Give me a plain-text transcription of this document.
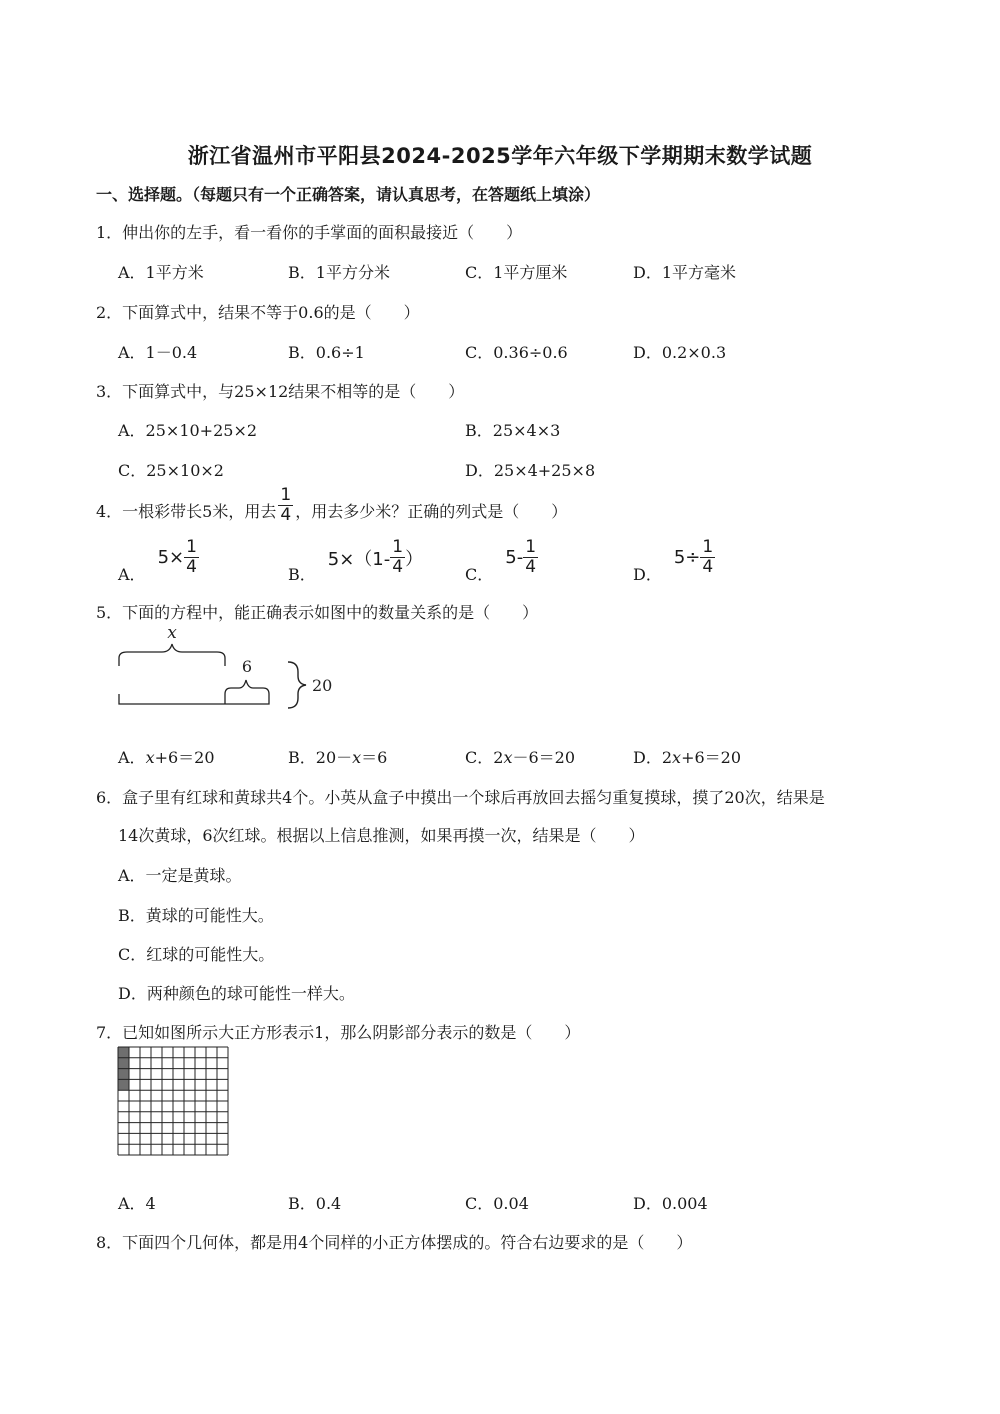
浙江省温州市平阳县2024-2025学年六年级下学期期末数学试题
一、选择题。（每题只有一个正确答案，请认真思考，在答题纸上填涂）
1．伸出你的左手，看一看你的手掌面的面积最接近（　　）
A．1平方米	B．1平方分米	C．1平方厘米	D．1平方毫米
2．下面算式中，结果不等于0.6的是（　　）
A．1－0.4	B．0.6÷1	C．0.36÷0.6	D．0.2×0.3
3．下面算式中，与25×12结果不相等的是（　　）
A．25×10+25×2	B．25×4×3
C．25×10×2	D．25×4+25×8
4．一根彩带长5米，用去 $\frac{1}{4}$ ，用去多少米？正确的列式是（　　）
A．
$5\times \frac{1}{4}$	B．
$5\times(1- \frac{1}{4}$ ）
C．
$5- \frac{1}{4}$	D．
$5\div \frac{1}{4}$
5．下面的方程中，能正确表示如图中的数量关系的是（　　）
x
6
20
A．x+6＝20	B．20－x＝6	C．2x－6＝20	D．2x+6＝20
6．盒子里有红球和黄球共4个。小英从盒子中摸出一个球后再放回去摇匀重复摸球，摸了20次，结果是
14次黄球，6次红球。根据以上信息推测，如果再摸一次，结果是（　　）
A．一定是黄球。
B．黄球的可能性大。
C．红球的可能性大。
D．两种颜色的球可能性一样大。
7．已知如图所示大正方形表示1，那么阴影部分表示的数是（　　）
A．4	B．0.4	C．0.04	D．0.004
8．下面四个几何体，都是用4个同样的小正方体摆成的。符合右边要求的是（　　）
